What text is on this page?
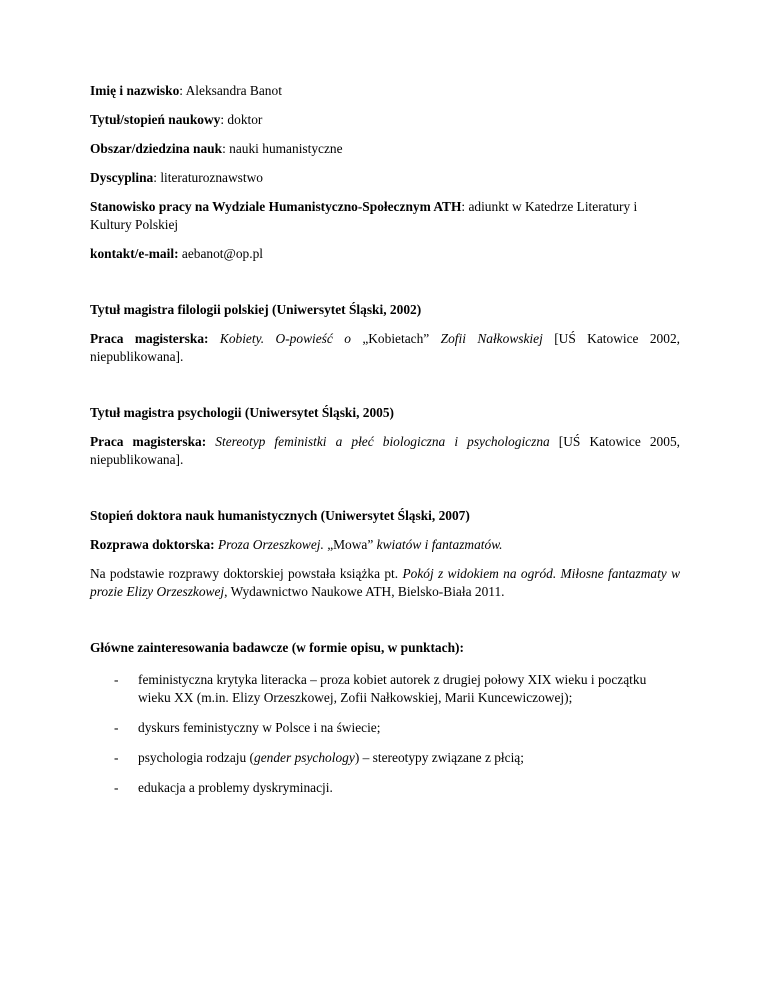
Imię i nazwisko: Aleksandra Banot

Tytuł/stopień naukowy: doktor

Obszar/dziedzina nauk: nauki humanistyczne

Dyscyplina: literaturoznawstwo

Stanowisko pracy na Wydziale Humanistyczno-Społecznym ATH: adiunkt w Katedrze Literatury i Kultury Polskiej

kontakt/e-mail: aebanot@op.pl

Tytuł magistra filologii polskiej (Uniwersytet Śląski, 2002)

Praca magisterska: Kobiety. O-powieść o „Kobietach” Zofii Nałkowskiej [UŚ Katowice 2002, niepublikowana].

Tytuł magistra psychologii (Uniwersytet Śląski, 2005)

Praca magisterska: Stereotyp feministki a płeć biologiczna i psychologiczna [UŚ Katowice 2005, niepublikowana].

Stopień doktora nauk humanistycznych (Uniwersytet Śląski, 2007)

Rozprawa doktorska: Proza Orzeszkowej. „Mowa” kwiatów i fantazmatów.

Na podstawie rozprawy doktorskiej powstała książka pt. Pokój z widokiem na ogród. Miłosne fantazmaty w prozie Elizy Orzeszkowej, Wydawnictwo Naukowe ATH, Bielsko-Biała 2011.

Główne zainteresowania badawcze (w formie opisu, w punktach):

- feministyczna krytyka literacka – proza kobiet autorek z drugiej połowy XIX wieku i początku wieku XX (m.in. Elizy Orzeszkowej, Zofii Nałkowskiej, Marii Kuncewiczowej);
- dyskurs feministyczny w Polsce i na świecie;
- psychologia rodzaju (gender psychology) – stereotypy związane z płcią;
- edukacja a problemy dyskryminacji.
